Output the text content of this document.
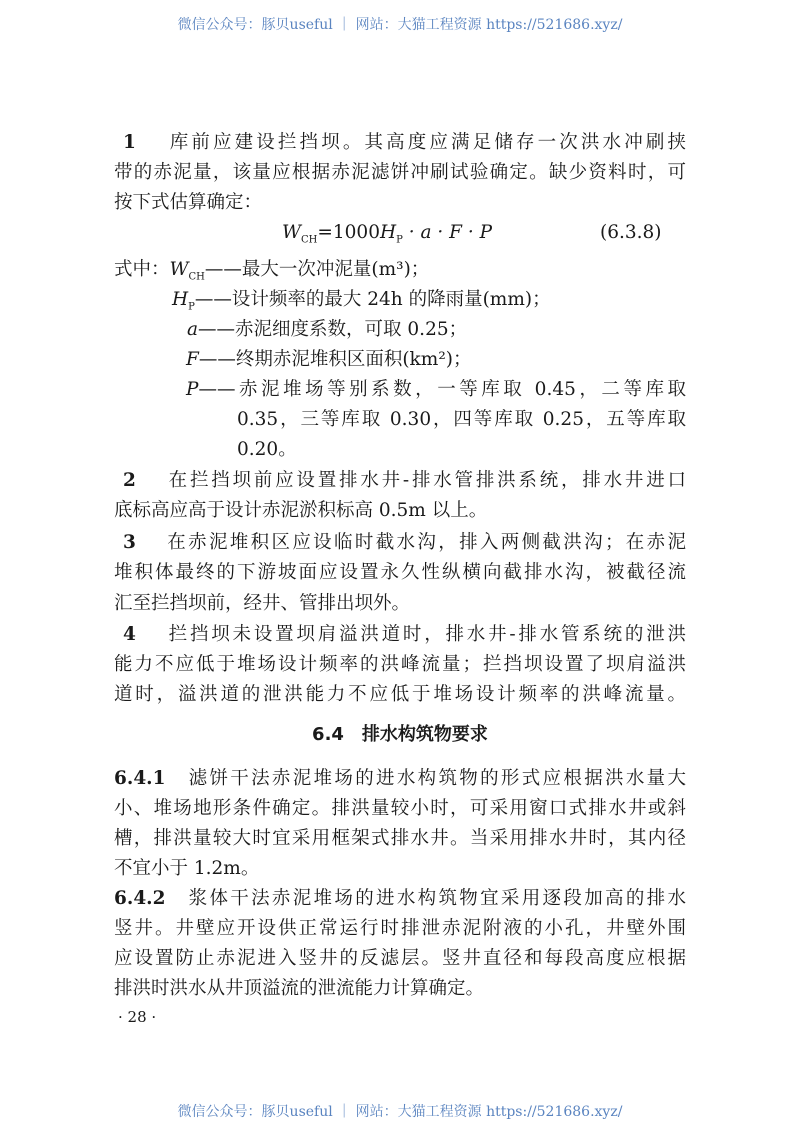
微信公众号：豚贝useful ｜ 网站：大猫工程资源 https://521686.xyz/
1　 库前应建设拦挡坝。其高度应满足储存一次洪水冲刷挟
带的赤泥量，该量应根据赤泥滤饼冲刷试验确定。缺少资料时，可
按下式估算确定：
$W_{CH}=1000H_P \cdot a \cdot F \cdot P$	(6.3.8)
式中：$W_{CH}——$最大一次冲泥量(m³)；
$H_P——$设计频率的最大 24h 的降雨量(mm)；
a——赤泥细度系数，可取 0.25；
F——终期赤泥堆积区面积(km²)；
P——赤泥堆场等别系数，一等库取 0.45，二等库取
0.35，三等库取 0.30，四等库取 0.25，五等库取
0.20。
2　 在拦挡坝前应设置排水井-排水管排洪系统，排水井进口
底标高应高于设计赤泥淤积标高 0.5m 以上。
3　 在赤泥堆积区应设临时截水沟，排入两侧截洪沟；在赤泥
堆积体最终的下游坡面应设置永久性纵横向截排水沟，被截径流
汇至拦挡坝前，经井、管排出坝外。
4　 拦挡坝未设置坝肩溢洪道时，排水井-排水管系统的泄洪
能力不应低于堆场设计频率的洪峰流量；拦挡坝设置了坝肩溢洪
道时，溢洪道的泄洪能力不应低于堆场设计频率的洪峰流量。
6.4　排水构筑物要求
6.4.1　 滤饼干法赤泥堆场的进水构筑物的形式应根据洪水量大
小、堆场地形条件确定。排洪量较小时，可采用窗口式排水井或斜
槽，排洪量较大时宜采用框架式排水井。当采用排水井时，其内径
不宜小于 1.2m。
6.4.2　 浆体干法赤泥堆场的进水构筑物宜采用逐段加高的排水
竖井。井壁应开设供正常运行时排泄赤泥附液的小孔，井壁外围
应设置防止赤泥进入竖井的反滤层。竖井直径和每段高度应根据
排洪时洪水从井顶溢流的泄流能力计算确定。
· 28 ·
微信公众号：豚贝useful ｜ 网站：大猫工程资源 https://521686.xyz/
